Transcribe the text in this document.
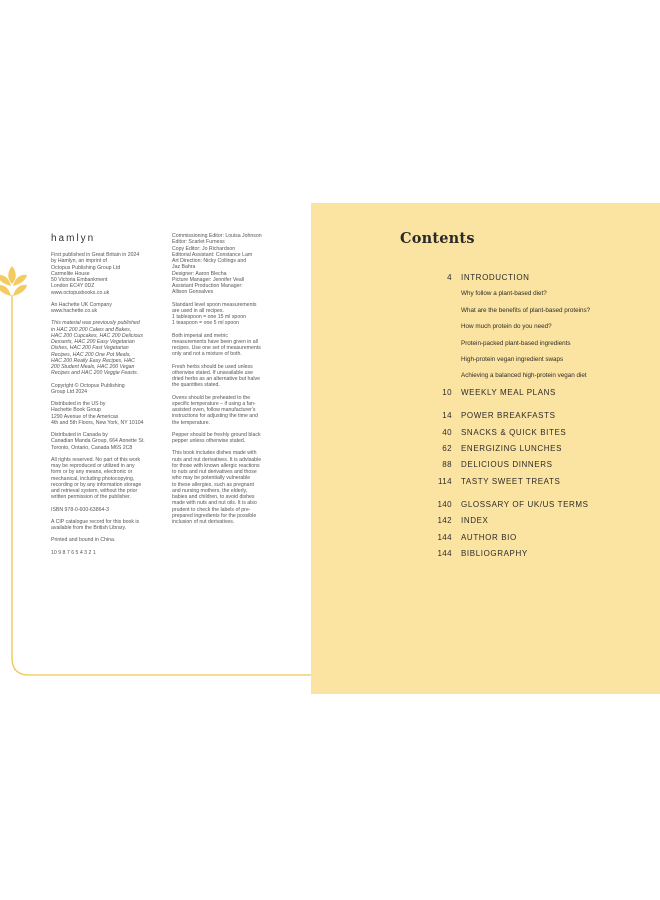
hamlyn

First published in Great Britain in 2024
by Hamlyn, an imprint of
Octopus Publishing Group Ltd
Carmelite House
50 Victoria Embankment
London EC4Y 0DZ
www.octopusbooks.co.uk

An Hachette UK Company
www.hachette.co.uk

This material was previously published
in HAC 200 200 Cakes and Bakes,
HAC 200 Cupcakes, HAC 200 Delicious
Desserts, HAC 200 Easy Vegetarian
Dishes, HAC 200 Fast Vegetarian
Recipes, HAC 200 One Pot Meals,
HAC 200 Really Easy Recipes, HAC
200 Student Meals, HAC 200 Vegan
Recipes and HAC 200 Veggie Feasts.

Copyright © Octopus Publishing
Group Ltd 2024

Distributed in the US by
Hachette Book Group
1290 Avenue of the Americas
4th and 5th Floors, New York, NY 10104

Distributed in Canada by
Canadian Manda Group, 664 Annette St.
Toronto, Ontario, Canada M6S 2C8

All rights reserved. No part of this work
may be reproduced or utilized in any
form or by any means, electronic or
mechanical, including photocopying,
recording or by any information storage
and retrieval system, without the prior
written permission of the publisher.

ISBN 978-0-600-63864-3

A CIP catalogue record for this book is
available from the British Library.

Printed and bound in China.

10 9 8 7 6 5 4 3 2 1

Commissioning Editor: Louisa Johnson
Editor: Scarlet Furness
Copy Editor: Jo Richardson
Editorial Assistant: Constance Lam
Art Direction: Nicky Collings and
Jaz Bahra
Designer: Aaron Blecha
Picture Manager: Jennifer Veall
Assistant Production Manager:
Allison Gonsalves

Standard level spoon measurements
are used in all recipes.
1 tablespoon = one 15 ml spoon
1 teaspoon = one 5 ml spoon

Both imperial and metric
measurements have been given in all
recipes. Use one set of measurements
only and not a mixture of both.

Fresh herbs should be used unless
otherwise stated. If unavailable use
dried herbs as an alternative but halve
the quantities stated.

Ovens should be preheated to the
specific temperature – if using a fan-
assisted oven, follow manufacturer's
instructions for adjusting the time and
the temperature.

Pepper should be freshly ground black
pepper unless otherwise stated.

This book includes dishes made with
nuts and nut derivatives. It is advisable
for those with known allergic reactions
to nuts and nut derivatives and those
who may be potentially vulnerable
to these allergies, such as pregnant
and nursing mothers, the elderly,
babies and children, to avoid dishes
made with nuts and nut oils. It is also
prudent to check the labels of pre-
prepared ingredients for the possible
inclusion of nut derivatives.

Contents
4 INTRODUCTION
Why follow a plant-based diet?
What are the benefits of plant-based proteins?
How much protein do you need?
Protein-packed plant-based ingredients
High-protein vegan ingredient swaps
Achieving a balanced high-protein vegan diet
10 WEEKLY MEAL PLANS
14 POWER BREAKFASTS
40 SNACKS & QUICK BITES
62 ENERGIZING LUNCHES
88 DELICIOUS DINNERS
114 TASTY SWEET TREATS
140 GLOSSARY OF UK/US TERMS
142 INDEX
144 AUTHOR BIO
144 BIBLIOGRAPHY
